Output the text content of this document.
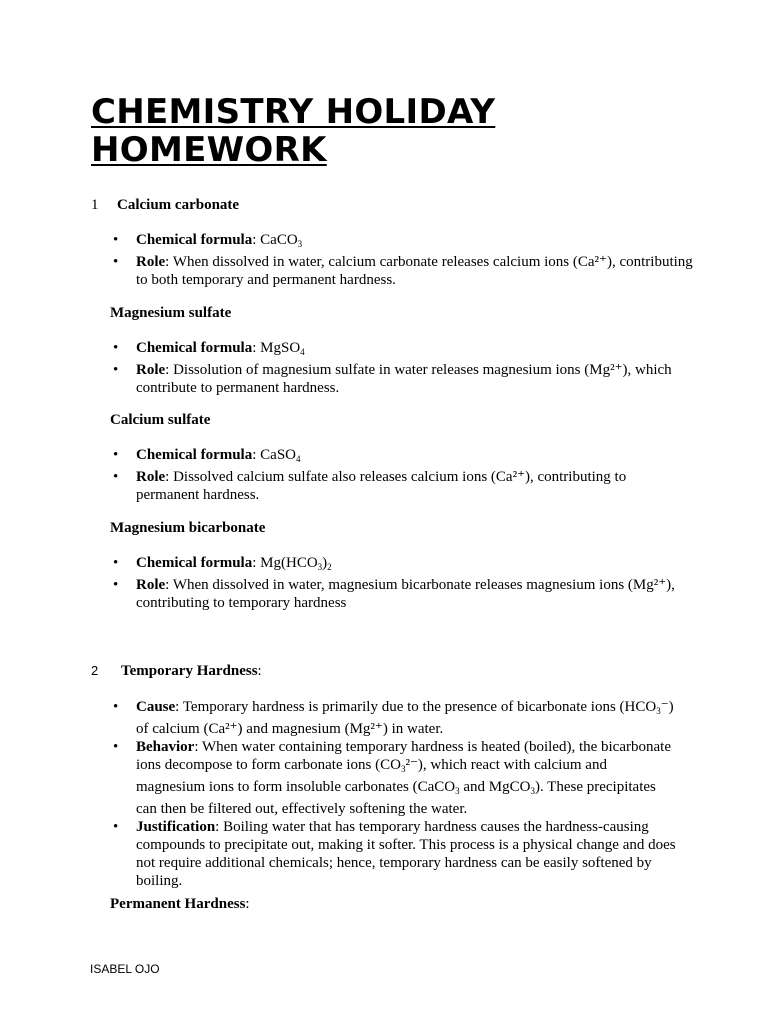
CHEMISTRY HOLIDAY
HOMEWORK
1 Calcium carbonate
• Chemical formula: CaCO$_3$
• Role: When dissolved in water, calcium carbonate releases calcium ions (Ca²⁺), contributing to both temporary and permanent hardness.
Magnesium sulfate
• Chemical formula: MgSO$_4$
• Role: Dissolution of magnesium sulfate in water releases magnesium ions (Mg²⁺), which contribute to permanent hardness.
Calcium sulfate
• Chemical formula: CaSO$_4$
• Role: Dissolved calcium sulfate also releases calcium ions (Ca²⁺), contributing to permanent hardness.
Magnesium bicarbonate
• Chemical formula: $Mg(HCO_3)_2$
• Role: When dissolved in water, magnesium bicarbonate releases magnesium ions (Mg²⁺), contributing to temporary hardness
2 Temporary Hardness:
• Cause: Temporary hardness is primarily due to the presence of bicarbonate ions $(HCO_3^-)$ of calcium (Ca²⁺) and magnesium (Mg²⁺) in water.
• Behavior: When water containing temporary hardness is heated (boiled), the bicarbonate ions decompose to form carbonate ions $(CO_3^{2-})$, which react with calcium and magnesium ions to form insoluble carbonates (CaCO$_3$ and MgCO$_3$). These precipitates can then be filtered out, effectively softening the water.
• Justification: Boiling water that has temporary hardness causes the hardness-causing compounds to precipitate out, making it softer. This process is a physical change and does not require additional chemicals; hence, temporary hardness can be easily softened by boiling.
Permanent Hardness:
ISABEL OJO
